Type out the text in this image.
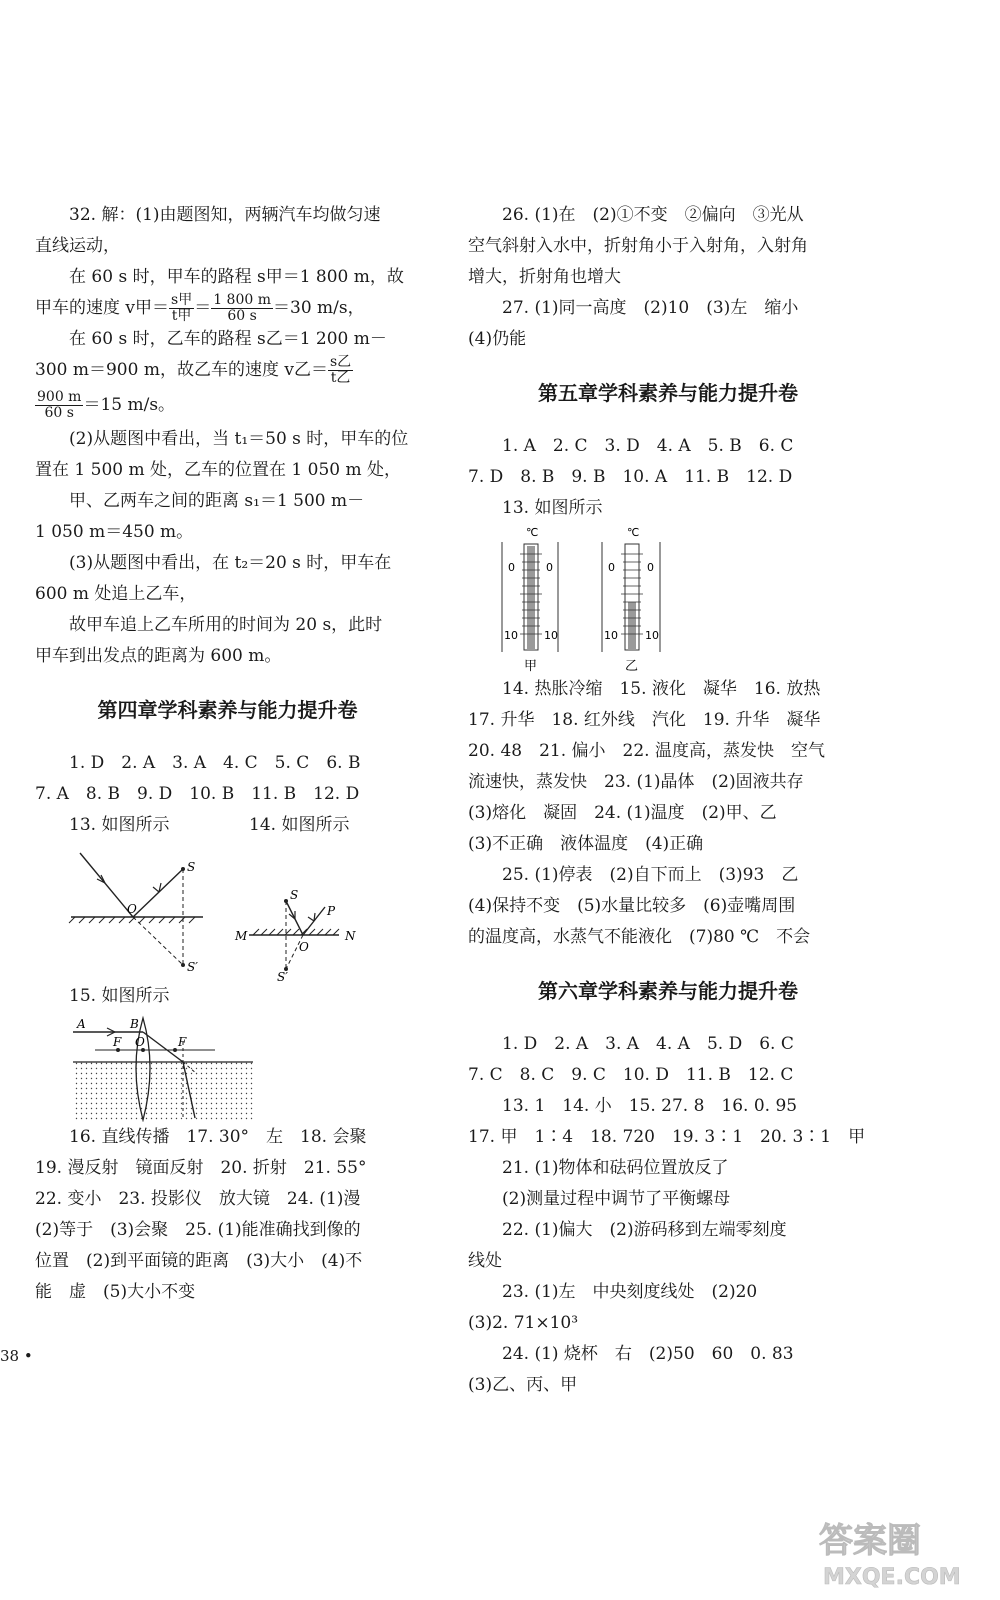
32. 解：(1)由题图知，两辆汽车均做匀速

直线运动，

在 60 s 时，甲车的路程 s甲＝1 800 m，故

甲车的速度 v甲＝ $\frac{\text{s甲}}{\text{t甲}} = \frac{1 800 m}{60 s} =30$ m/s，

在 60 s 时，乙车的路程 s乙＝1 200 m－

300 m＝900 m，故乙车的速度 v乙＝ $\frac{\text{s乙}}{\text{t乙}}$

$\frac{900 m}{60 s} =15$ m/s。

(2)从题图中看出，当 t₁＝50 s 时，甲车的位

置在 1 500 m 处，乙车的位置在 1 050 m 处，

甲、乙两车之间的距离 s₁＝1 500 m－

1 050 m＝450 m。

(3)从题图中看出，在 t₂＝20 s 时，甲车在

600 m 处追上乙车，

故甲车追上乙车所用的时间为 20 s，此时

甲车到出发点的距离为 600 m。

第四章学科素养与能力提升卷

1. D　2. A　3. A　4. C　5. C　6. B

7. A　8. B　9. D　10. B　11. B　12. D

13. 如图所示	14. 如图所示

S
O
S′
S
P
M	N
O
S′

15. 如图所示

A	B
F O	F

16. 直线传播　17. 30°　左　18. 会聚

19. 漫反射　镜面反射　20. 折射　21. 55°

22. 变小　23. 投影仪　放大镜　24. (1)漫

(2)等于　(3)会聚　25. (1)能准确找到像的

位置　(2)到平面镜的距离　(3)大小　(4)不

能　虚　(5)大小不变

26. (1)在　(2)①不变　②偏向　③光从

空气斜射入水中，折射角小于入射角，入射角

增大，折射角也增大

27. (1)同一高度　(2)10　(3)左　缩小

(4)仍能

第五章学科素养与能力提升卷

1. A　2. C　3. D　4. A　5. B　6. C

7. D　8. B　9. B　10. A　11. B　12. D

13. 如图所示

℃
0	0
10 10
甲
℃
0	0
10 10
乙

14. 热胀冷缩　15. 液化　凝华　16. 放热

17. 升华　18. 红外线　汽化　19. 升华　凝华

20. 48　21. 偏小　22. 温度高，蒸发快　空气

流速快，蒸发快　23. (1)晶体　(2)固液共存

(3)熔化　凝固　24. (1)温度　(2)甲、乙

(3)不正确　液体温度　(4)正确

25. (1)停表　(2)自下而上　(3)93　乙

(4)保持不变　(5)水量比较多　(6)壶嘴周围

的温度高，水蒸气不能液化　(7)80 ℃　不会

第六章学科素养与能力提升卷

1. D　2. A　3. A　4. A　5. D　6. C

7. C　8. C　9. C　10. D　11. B　12. C

13. 1　14. 小　15. 27. 8　16. 0. 95

17. 甲　1∶4　18. 720　19. 3∶1　20. 3∶1　甲

21. (1)物体和砝码位置放反了

(2)测量过程中调节了平衡螺母

22. (1)偏大　(2)游码移到左端零刻度

线处

23. (1)左　中央刻度线处　(2)20

(3)2. 71×10³

24. (1) 烧杯　右　(2)50　60　0. 83

(3)乙、丙、甲

38 •
答案圈
MXQE.COM
